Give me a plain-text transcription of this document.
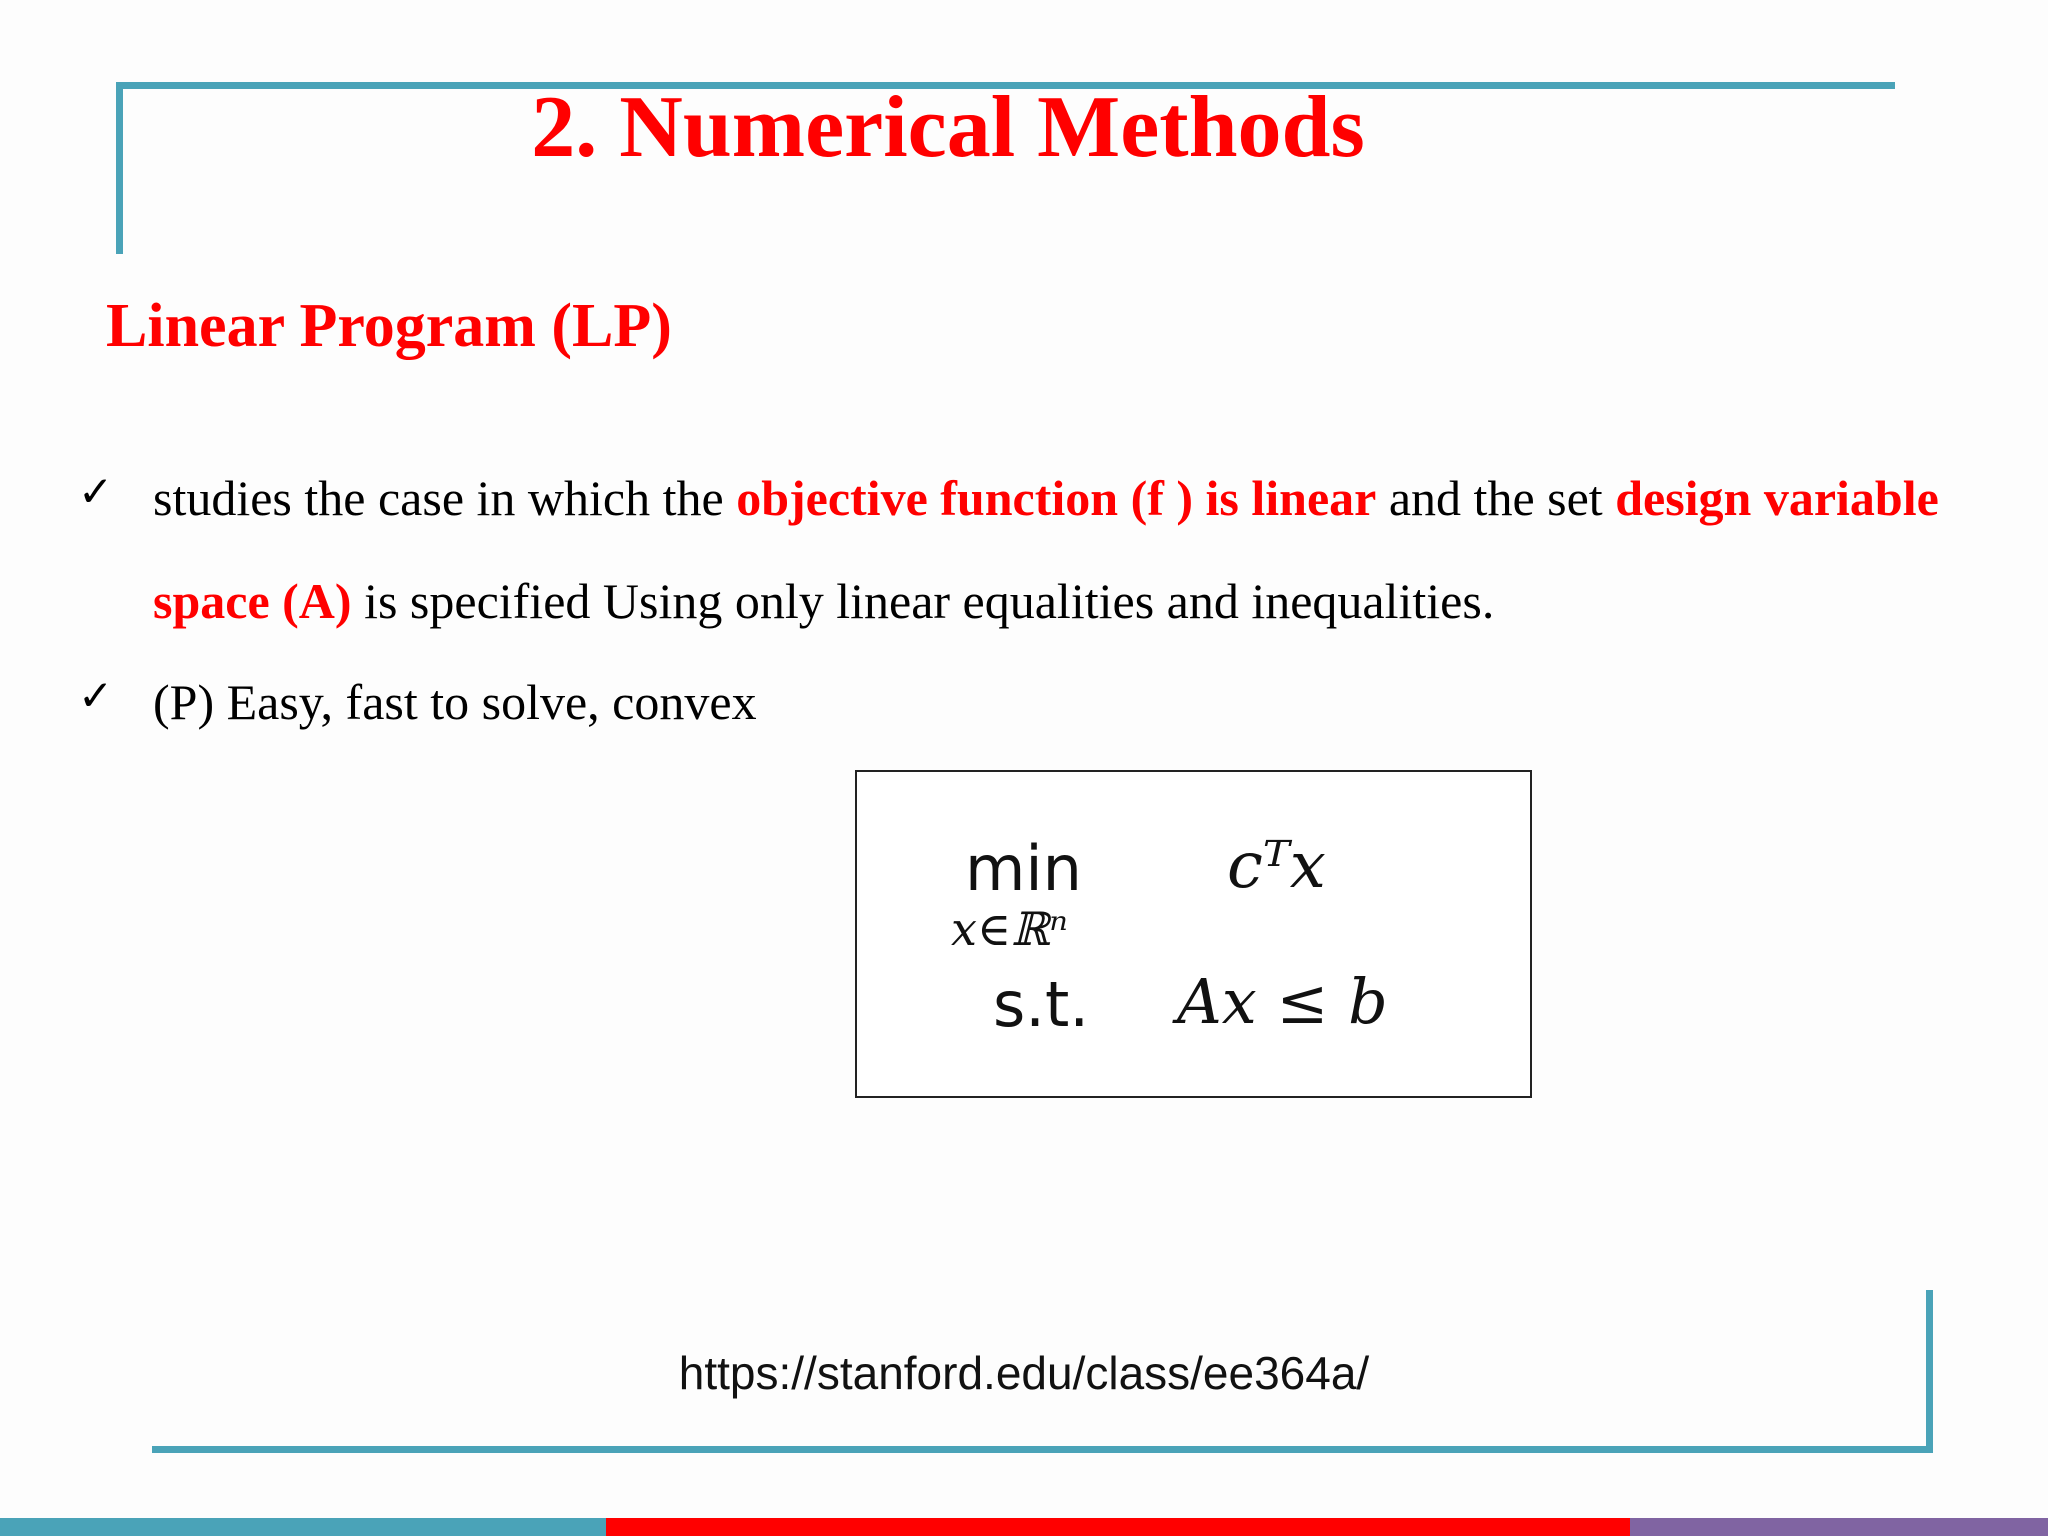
2. Numerical Methods
Linear Program (LP)
✓ studies the case in which the objective function (f ) is linear and the set design variable space (A) is specified Using only linear equalities and inequalities.
✓ (P) Easy, fast to solve, convex
min
x∈ℝⁿ
cᵀx
s.t. Ax ≤ b
https://stanford.edu/class/ee364a/
